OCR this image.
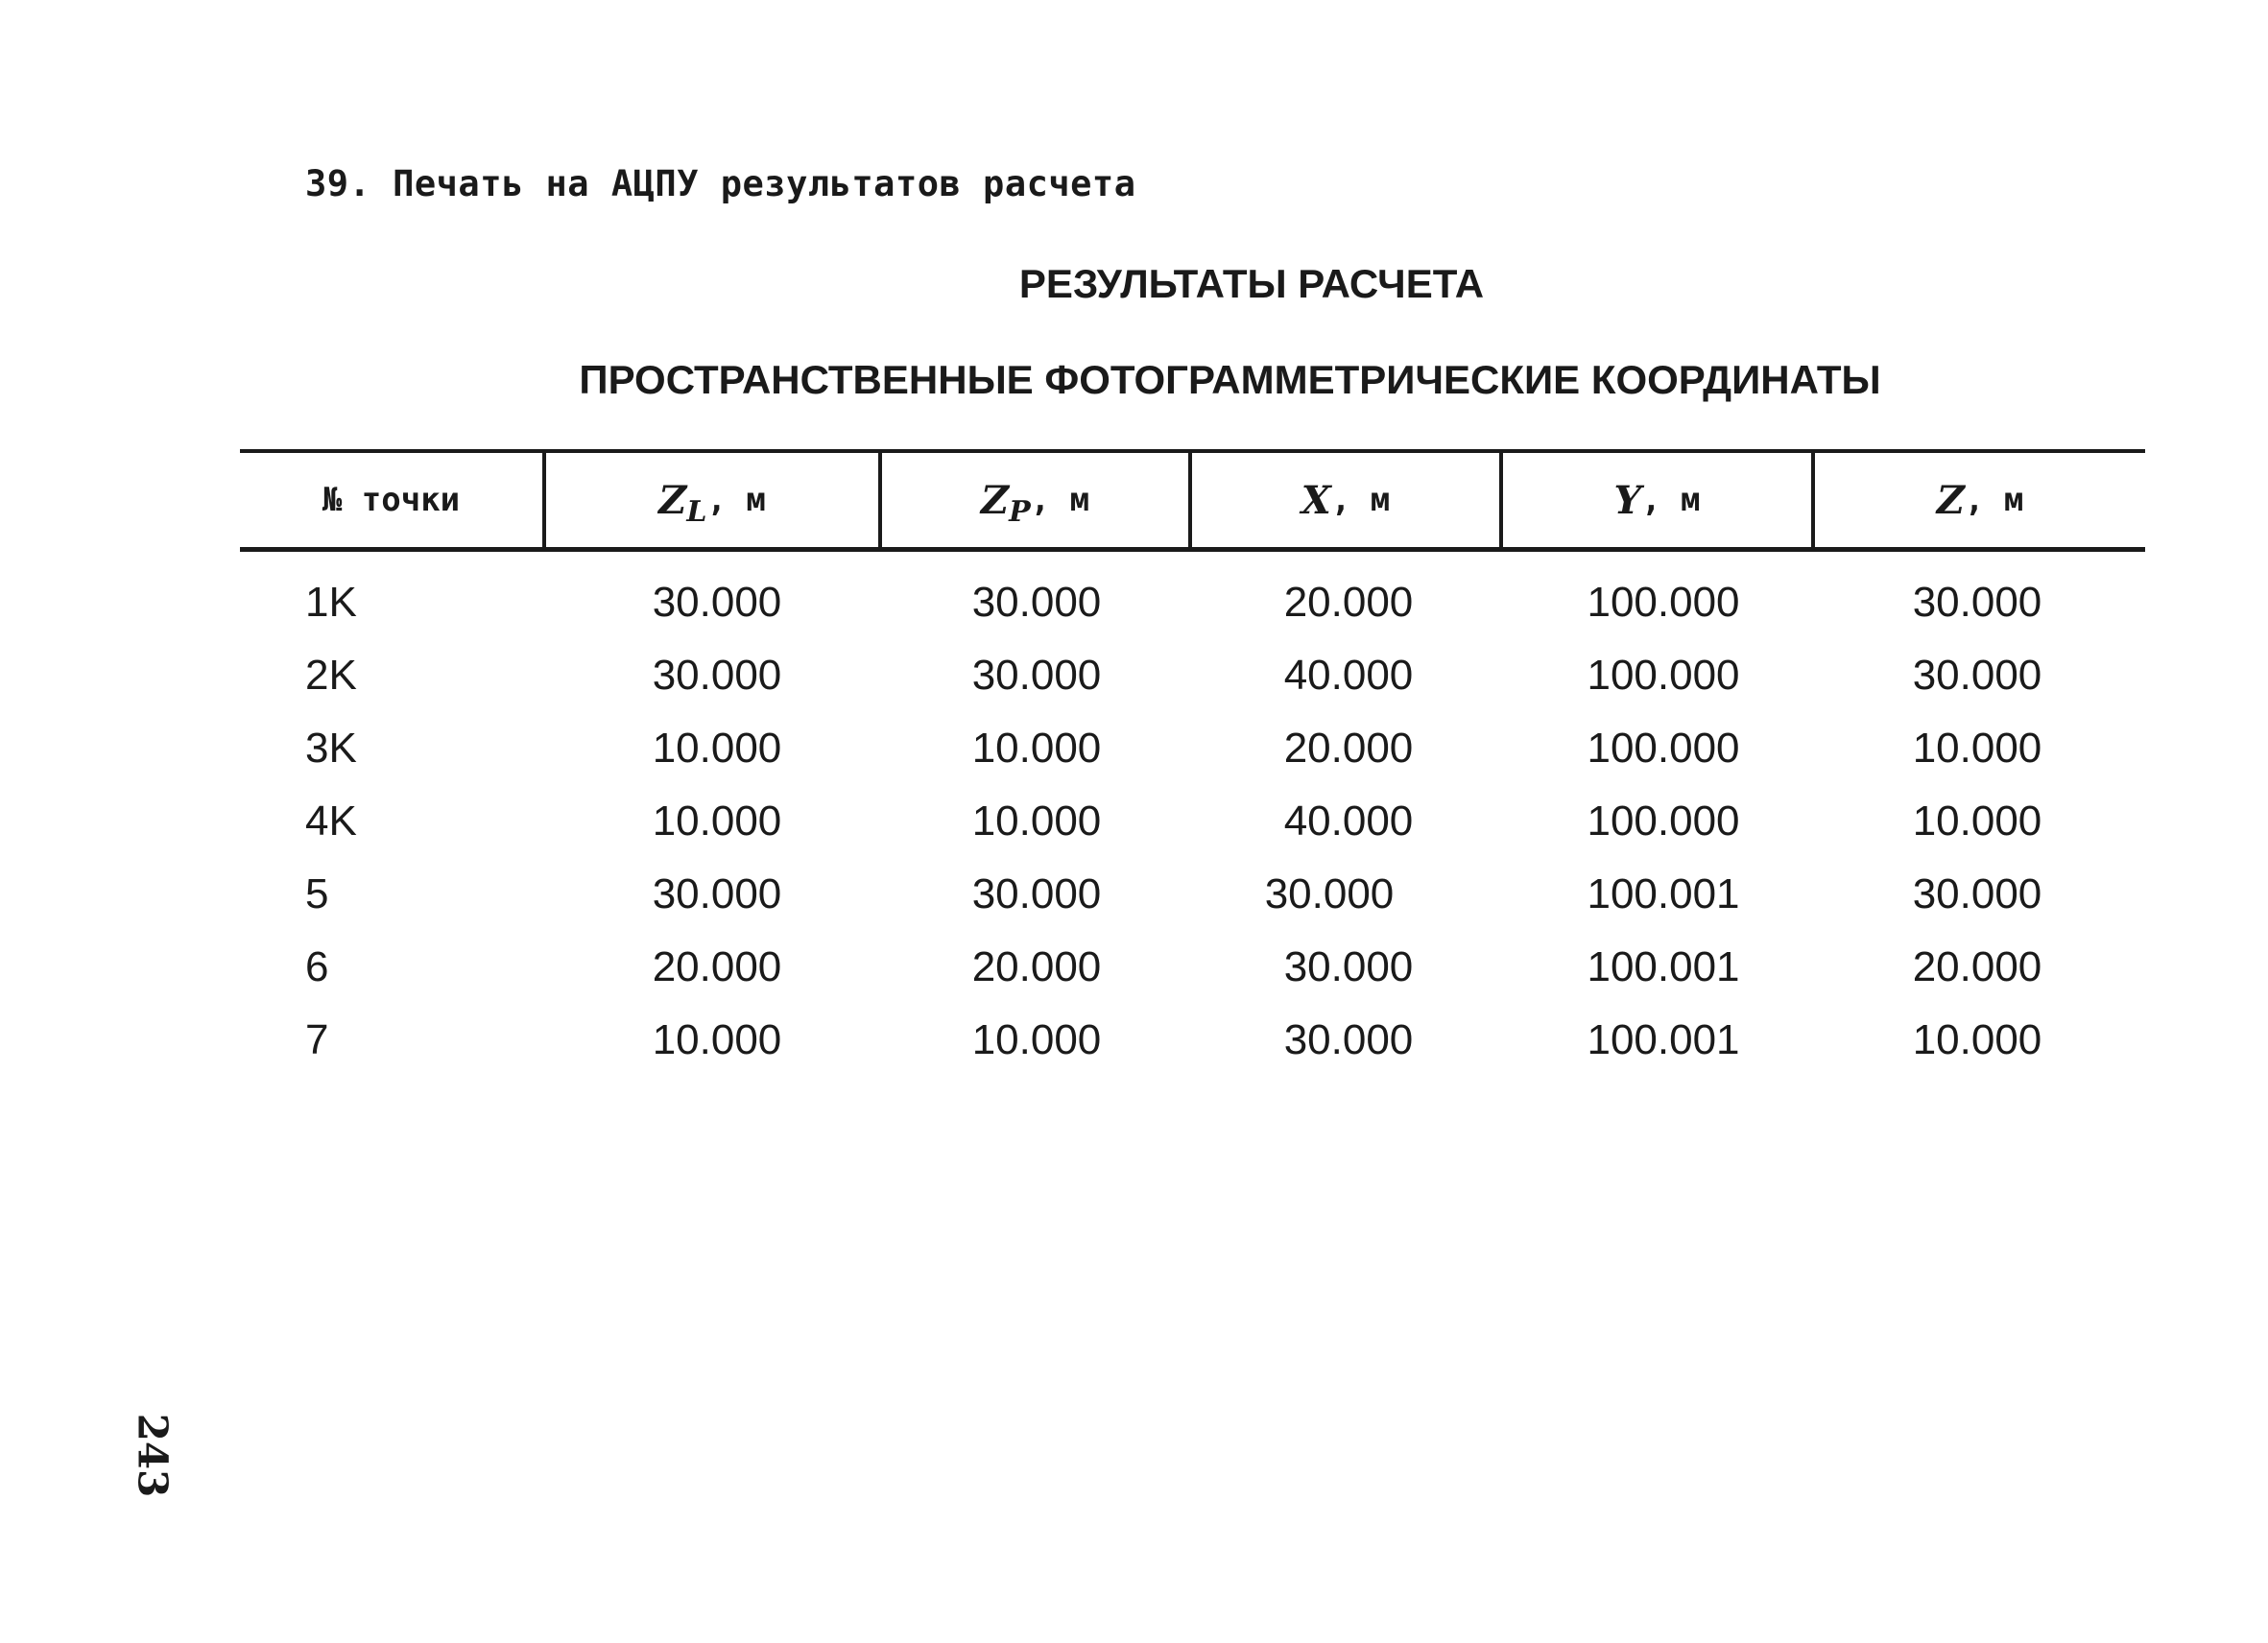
39. Печать на АЦПУ результатов расчета
РЕЗУЛЬТАТЫ РАСЧЕТА
ПРОСТРАНСТВЕННЫЕ ФОТОГРАММЕТРИЧЕСКИЕ КООРДИНАТЫ
№ точки	Z L , м	Z P , м	X , м	Y , м	Z , м
1K	30.000	30.000	20.000	100.000	30.000
2K	30.000	30.000	40.000	100.000	30.000
3K	10.000	10.000	20.000	100.000	10.000
4K	10.000	10.000	40.000	100.000	10.000
5	30.000	30.000	30.000	100.001	30.000
6	20.000	20.000	30.000	100.001	20.000
7	10.000	10.000	30.000	100.001	10.000
243
